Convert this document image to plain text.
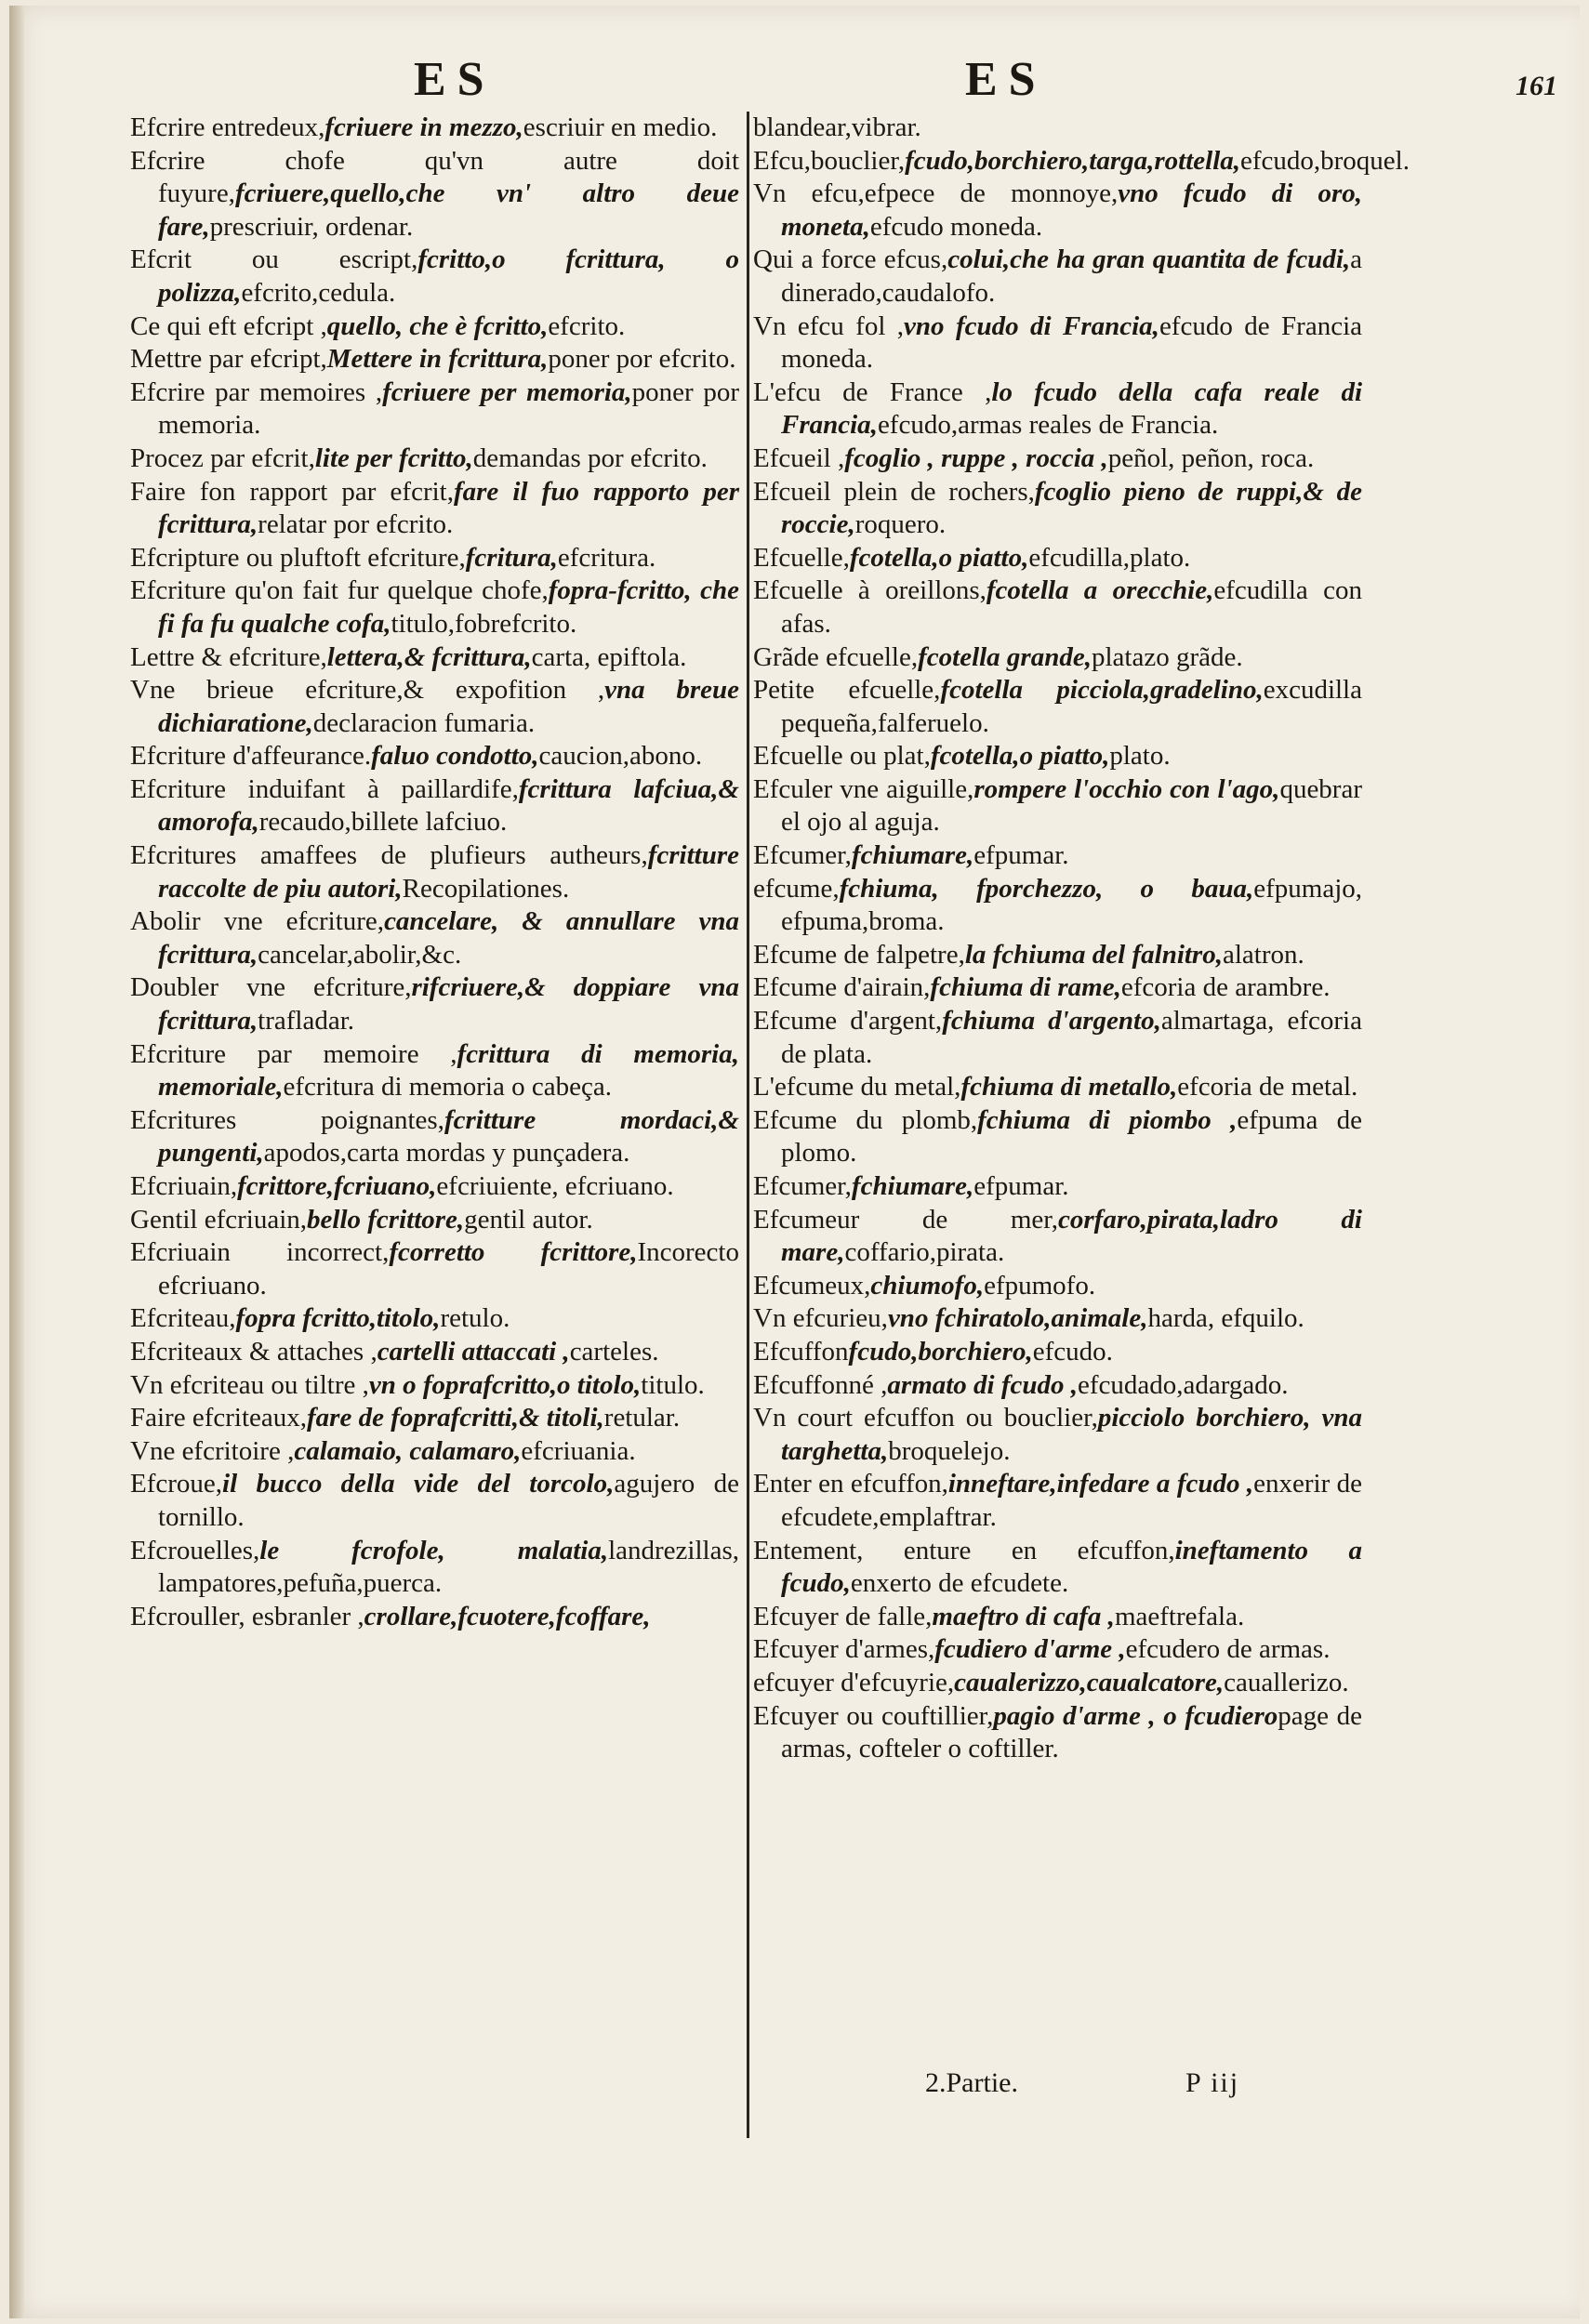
ES	ES	161
Efcrire entredeux,fcriuere in mezzo,escriuir en medio.
Efcrire chofe qu'vn autre doit fuyure,fcriuere,quello,che vn' altro deue fare,prescriuir, ordenar.
Efcrit ou escript,fcritto,o fcrittura, o polizza,efcrito,cedula.
Ce qui eft efcript ,quello, che è fcritto,efcrito.
Mettre par efcript,Mettere in fcrittura,poner por efcrito.
Efcrire par memoires ,fcriuere per memoria,poner por memoria.
Procez par efcrit,lite per fcritto,demandas por efcrito.
Faire fon rapport par efcrit,fare il fuo rapporto per fcrittura,relatar por efcrito.
Efcripture ou pluftoft efcriture,fcritura,efcritura.
Efcriture qu'on fait fur quelque chofe,fopra-fcritto, che fi fa fu qualche cofa,titulo,fobrefcrito.
Lettre & efcriture,lettera,& fcrittura,carta, epiftola.
Vne brieue efcriture,& expofition ,vna breue dichiaratione,declaracion fumaria.
Efcriture d'affeurance.faluo condotto,caucion,abono.
Efcriture induifant à paillardife,fcrittura lafciua,& amorofa,recaudo,billete lafciuo.
Efcritures amaffees de plufieurs autheurs,fcritture raccolte de piu autori,Recopilationes.
Abolir vne efcriture,cancelare, & annullare vna fcrittura,cancelar,abolir,&c.
Doubler vne efcriture,rifcriuere,& doppiare vna fcrittura,trafladar.
Efcriture par memoire ,fcrittura di memoria, memoriale,efcritura di memoria o cabeça.
Efcritures poignantes,fcritture mordaci,& pungenti,apodos,carta mordas y punçadera.
Efcriuain,fcrittore,fcriuano,efcriuiente, efcriuano.
Gentil efcriuain,bello fcrittore,gentil autor.
Efcriuain incorrect,fcorretto fcrittore,Incorecto efcriuano.
Efcriteau,fopra fcritto,titolo,retulo.
Efcriteaux & attaches ,cartelli attaccati ,carteles.
Vn efcriteau ou tiltre ,vn o foprafcritto,o titolo,titulo.
Faire efcriteaux,fare de foprafcritti,& titoli,retular.
Vne efcritoire ,calamaio, calamaro,efcriuania.
Efcroue,il bucco della vide del torcolo,agujero de tornillo.
Efcrouelles,le fcrofole, malatia,landrezillas, lampatores,pefuña,puerca.
Efcrouller, esbranler ,crollare,fcuotere,fcoffare,
blandear,vibrar.
Efcu,bouclier,fcudo,borchiero,targa,rottella,efcudo,broquel.
Vn efcu,efpece de monnoye,vno fcudo di oro, moneta,efcudo moneda.
Qui a force efcus,colui,che ha gran quantita de fcudi,a dinerado,caudalofo.
Vn efcu fol ,vno fcudo di Francia,efcudo de Francia moneda.
L'efcu de France ,lo fcudo della cafa reale di Francia,efcudo,armas reales de Francia.
Efcueil ,fcoglio , ruppe , roccia ,peñol, peñon, roca.
Efcueil plein de rochers,fcoglio pieno de ruppi,& de roccie,roquero.
Efcuelle,fcotella,o piatto,efcudilla,plato.
Efcuelle à oreillons,fcotella a orecchie,efcudilla con afas.
Grãde efcuelle,fcotella grande,platazo grãde.
Petite efcuelle,fcotella picciola,gradelino,excudilla pequeña,falferuelo.
Efcuelle ou plat,fcotella,o piatto,plato.
Efculer vne aiguille,rompere l'occhio con l'ago,quebrar el ojo al aguja.
Efcumer,fchiumare,efpumar.
efcume,fchiuma, fporchezzo, o baua,efpumajo, efpuma,broma.
Efcume de falpetre,la fchiuma del falnitro,alatron.
Efcume d'airain,fchiuma di rame,efcoria de arambre.
Efcume d'argent,fchiuma d'argento,almartaga, efcoria de plata.
L'efcume du metal,fchiuma di metallo,efcoria de metal.
Efcume du plomb,fchiuma di piombo ,efpuma de plomo.
Efcumer,fchiumare,efpumar.
Efcumeur de mer,corfaro,pirata,ladro di mare,coffario,pirata.
Efcumeux,chiumofo,efpumofo.
Vn efcurieu,vno fchiratolo,animale,harda, efquilo.
Efcuffonfcudo,borchiero,efcudo.
Efcuffonné ,armato di fcudo ,efcudado,adargado.
Vn court efcuffon ou bouclier,picciolo borchiero, vna targhetta,broquelejo.
Enter en efcuffon,inneftare,infedare a fcudo ,enxerir de efcudete,emplaftrar.
Entement, enture en efcuffon,ineftamento a fcudo,enxerto de efcudete.
Efcuyer de falle,maeftro di cafa ,maeftrefala.
Efcuyer d'armes,fcudiero d'arme ,efcudero de armas.
efcuyer d'efcuyrie,caualerizzo,caualcatore,cauallerizo.
Efcuyer ou couftillier,pagio d'arme , o fcudieropage de armas, cofteler o coftiller.
2.Partie.	P iij
